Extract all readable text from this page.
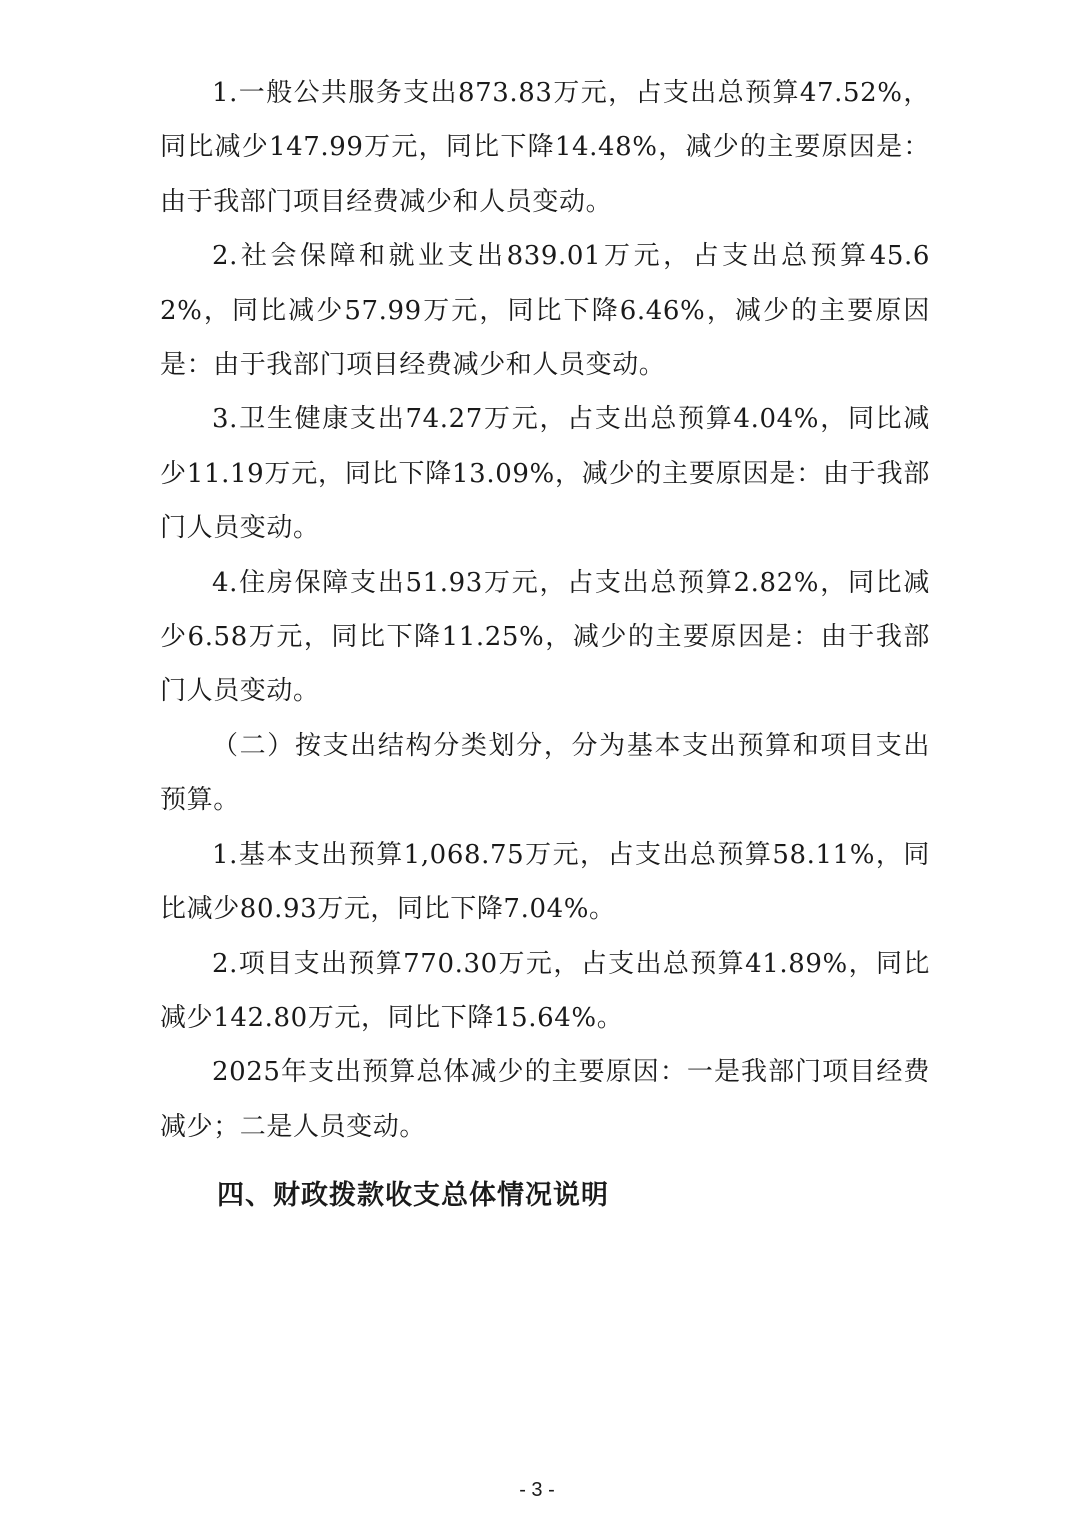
1.一般公共服务支出873.83万元，占支出总预算47.52%，同比减少147.99万元，同比下降14.48%，减少的主要原因是：由于我部门项目经费减少和人员变动。

2.社会保障和就业支出839.01万元，占支出总预算45.62%，同比减少57.99万元，同比下降6.46%，减少的主要原因是：由于我部门项目经费减少和人员变动。

3.卫生健康支出74.27万元，占支出总预算4.04%，同比减少11.19万元，同比下降13.09%，减少的主要原因是：由于我部门人员变动。

4.住房保障支出51.93万元，占支出总预算2.82%，同比减少6.58万元，同比下降11.25%，减少的主要原因是：由于我部门人员变动。

（二）按支出结构分类划分，分为基本支出预算和项目支出预算。

1.基本支出预算1,068.75万元，占支出总预算58.11%，同比减少80.93万元，同比下降7.04%。

2.项目支出预算770.30万元，占支出总预算41.89%，同比减少142.80万元，同比下降15.64%。

2025年支出预算总体减少的主要原因：一是我部门项目经费减少；二是人员变动。

四、财政拨款收支总体情况说明
- 3 -
